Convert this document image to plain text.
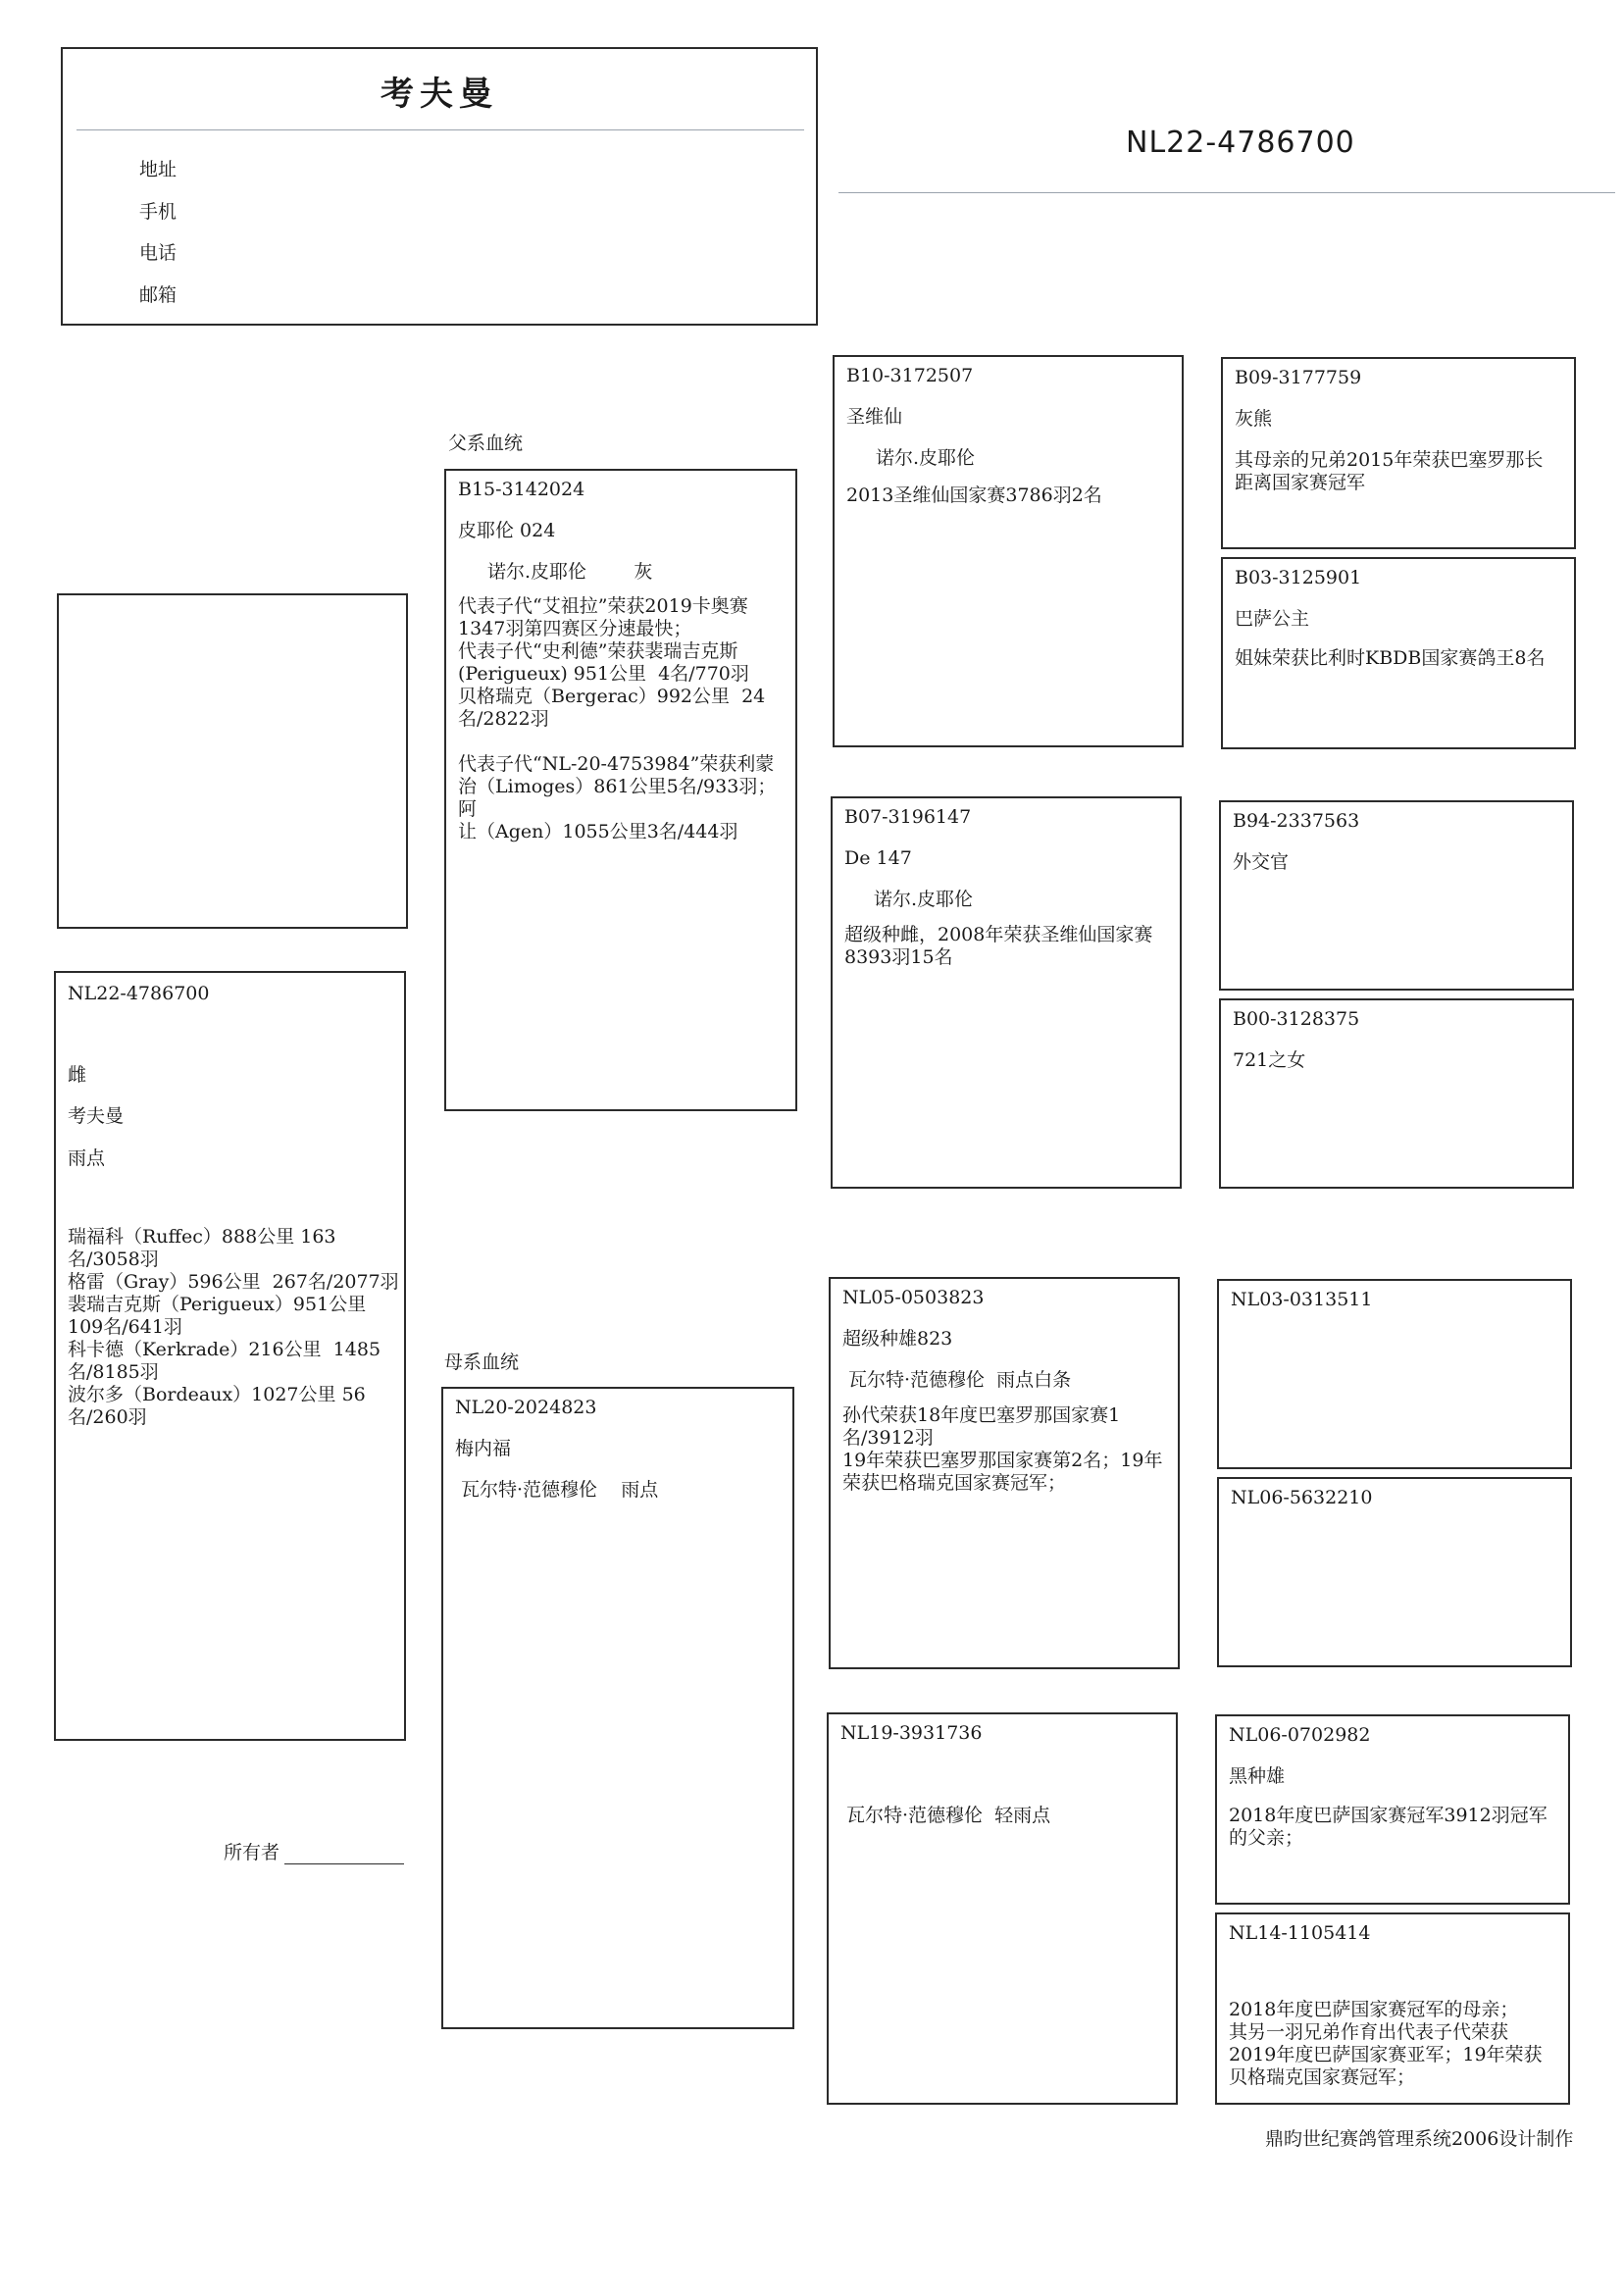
考夫曼
地址
手机
电话
邮箱
NL22-4786700
NL22-4786700
雌
考夫曼
雨点
瑞福科（Ruffec）888公里 163
名/3058羽
格雷（Gray）596公里  267名/2077羽
裴瑞吉克斯（Perigueux）951公里
109名/641羽
科卡德（Kerkrade）216公里  1485
名/8185羽
波尔多（Bordeaux）1027公里 56
名/260羽
所有者
父系血统
B15-3142024
皮耶伦 024
诺尔.皮耶伦        灰
代表子代“艾祖拉”荣获2019卡奥赛
1347羽第四赛区分速最快；
代表子代“史利德”荣获裴瑞吉克斯
(Perigueux) 951公里  4名/770羽
贝格瑞克（Bergerac）992公里  24
名/2822羽

代表子代“NL-20-4753984”荣获利蒙
治（Limoges）861公里5名/933羽；阿
让（Agen）1055公里3名/444羽
母系血统
NL20-2024823
梅内福
瓦尔特·范德穆伦    雨点
B10-3172507
圣维仙
诺尔.皮耶伦
2013圣维仙国家赛3786羽2名
B07-3196147
De 147
诺尔.皮耶伦
超级种雌，2008年荣获圣维仙国家赛
8393羽15名
NL05-0503823
超级种雄823
瓦尔特·范德穆伦  雨点白条
孙代荣获18年度巴塞罗那国家赛1
名/3912羽
19年荣获巴塞罗那国家赛第2名；19年
荣获巴格瑞克国家赛冠军；
NL19-3931736
瓦尔特·范德穆伦  轻雨点
B09-3177759
灰熊
其母亲的兄弟2015年荣获巴塞罗那长
距离国家赛冠军
B03-3125901
巴萨公主
姐妹荣获比利时KBDB国家赛鸽王8名
B94-2337563
外交官
B00-3128375
721之女
NL03-0313511
NL06-5632210
NL06-0702982
黑种雄
2018年度巴萨国家赛冠军3912羽冠军
的父亲；
NL14-1105414
2018年度巴萨国家赛冠军的母亲；
其另一羽兄弟作育出代表子代荣获
2019年度巴萨国家赛亚军；19年荣获
贝格瑞克国家赛冠军；
鼎昀世纪赛鸽管理系统2006设计制作
